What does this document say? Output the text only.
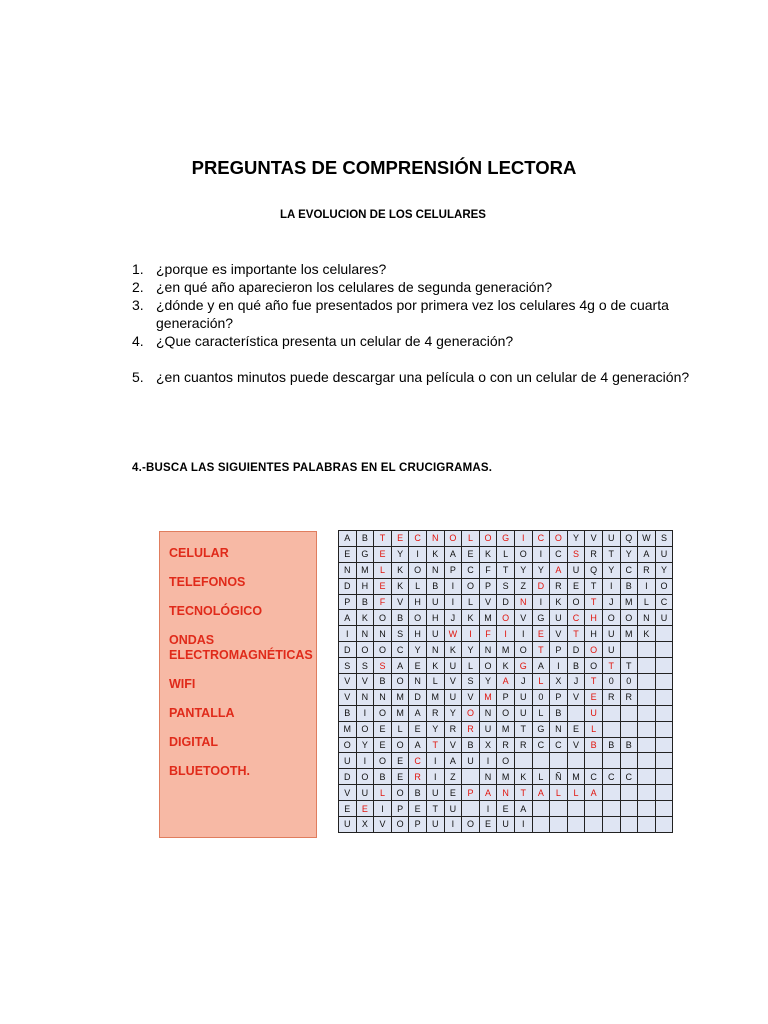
PREGUNTAS DE COMPRENSIÓN LECTORA
LA EVOLUCION DE LOS CELULARES
1. ¿porque es importante los celulares?
2. ¿en qué año aparecieron los celulares de segunda generación?
3. ¿dónde y en qué año fue presentados por primera vez los celulares 4g o de cuarta generación?
4. ¿Que característica presenta un celular de 4 generación?
5. ¿en cuantos minutos puede descargar una película o con un celular de 4 generación?
4.-BUSCA LAS SIGUIENTES PALABRAS EN EL CRUCIGRAMAS.
CELULAR
TELEFONOS
TECNOLÓGICO
ONDAS ELECTROMAGNÉTICAS
WIFI
PANTALLA
DIGITAL
BLUETOOTH.
A	B	T	E	C	N	O	L	O	G	I	C	O	Y	V	U	Q	W	S
E	G	E	Y	I	K	A	E	K	L	O	I	C	S	R	T	Y	A	U
N	M	L	K	O	N	P	C	F	T	Y	Y	A	U	Q	Y	C	R	Y
D	H	E	K	L	B	I	O	P	S	Z	D	R	E	T	I	B	I	O
P	B	F	V	H	U	I	L	V	D	N	I	K	O	T	J	M	L	C
A	K	O	B	O	H	J	K	M	O	V	G	U	C	H	O	O	N	U
I	N	N	S	H	U	W	I	F	I	I	E	V	T	H	U	M	K	
D	O	O	C	Y	N	K	Y	N	M	O	T	P	D	O	U			
S	S	S	A	E	K	U	L	O	K	G	A	I	B	O	T	T		
V	V	B	O	N	L	V	S	Y	A	J	L	X	J	T	0	0		
V	N	N	M	D	M	U	V	M	P	U	0	P	V	E	R	R		
B	I	O	M	A	R	Y	O	N	O	U	L	B		U				
M	O	E	L	E	Y	R	R	U	M	T	G	N	E	L				
O	Y	E	O	A	T	V	B	X	R	R	C	C	V	B	B	B		
U	I	O	E	C	I	A	U	I	O									
D	O	B	E	R	I	Z		N	M	K	L	Ñ	M	C	C	C		
V	U	L	O	B	U	E	P	A	N	T	A	L	L	A				
E	E	I	P	E	T	U		I	E	A								
U	X	V	O	P	U	I	O	E	U	I								
